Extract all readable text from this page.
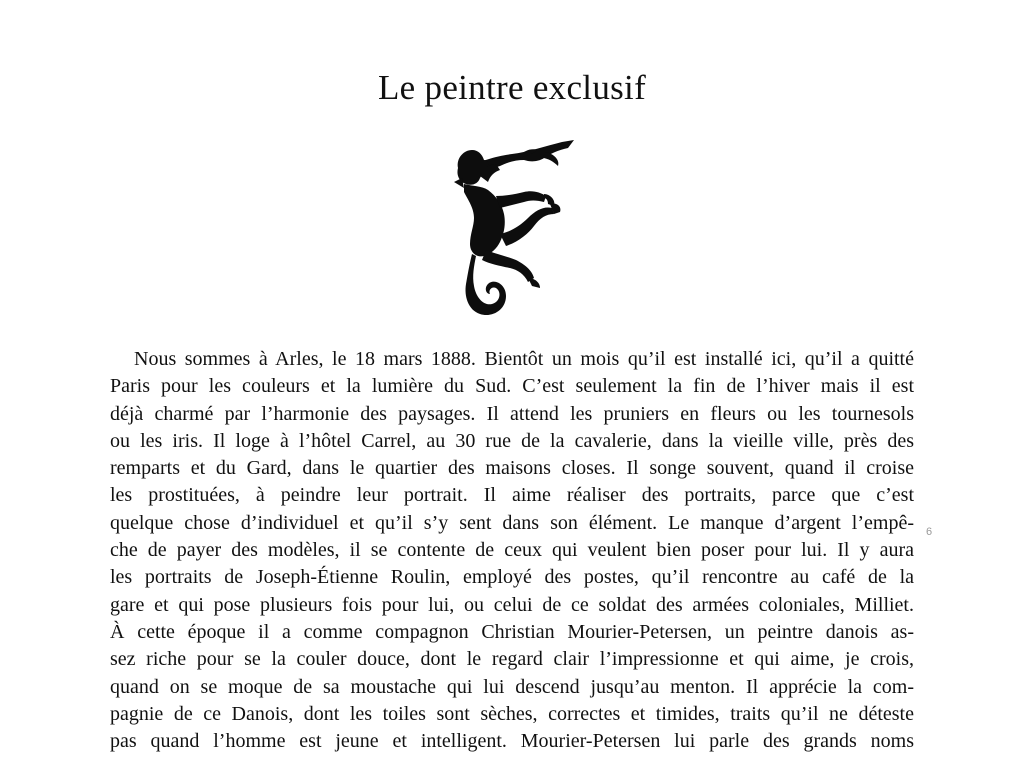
Le peintre exclusif
6
Nous sommes à Arles, le 18 mars 1888. Bientôt un mois qu’il est installé ici, qu’il a quitté
Paris pour les couleurs et la lumière du Sud. C’est seulement la fin de l’hiver mais il est
déjà charmé par l’harmonie des paysages. Il attend les pruniers en fleurs ou les tournesols
ou les iris. Il loge à l’hôtel Carrel, au 30 rue de la cavalerie, dans la vieille ville, près des
remparts et du Gard, dans le quartier des maisons closes. Il songe souvent, quand il croise
les prostituées, à peindre leur portrait. Il aime réaliser des portraits, parce que c’est
quelque chose d’individuel et qu’il s’y sent dans son élément. Le manque d’argent l’empê-
che de payer des modèles, il se contente de ceux qui veulent bien poser pour lui. Il y aura
les portraits de Joseph-Étienne Roulin, employé des postes, qu’il rencontre au café de la
gare et qui pose plusieurs fois pour lui, ou celui de ce soldat des armées coloniales, Milliet.
À cette époque il a comme compagnon Christian Mourier-Petersen, un peintre danois as-
sez riche pour se la couler douce, dont le regard clair l’impressionne et qui aime, je crois,
quand on se moque de sa moustache qui lui descend jusqu’au menton. Il apprécie la com-
pagnie de ce Danois, dont les toiles sont sèches, correctes et timides, traits qu’il ne déteste
pas quand l’homme est jeune et intelligent. Mourier-Petersen lui parle des grands noms
